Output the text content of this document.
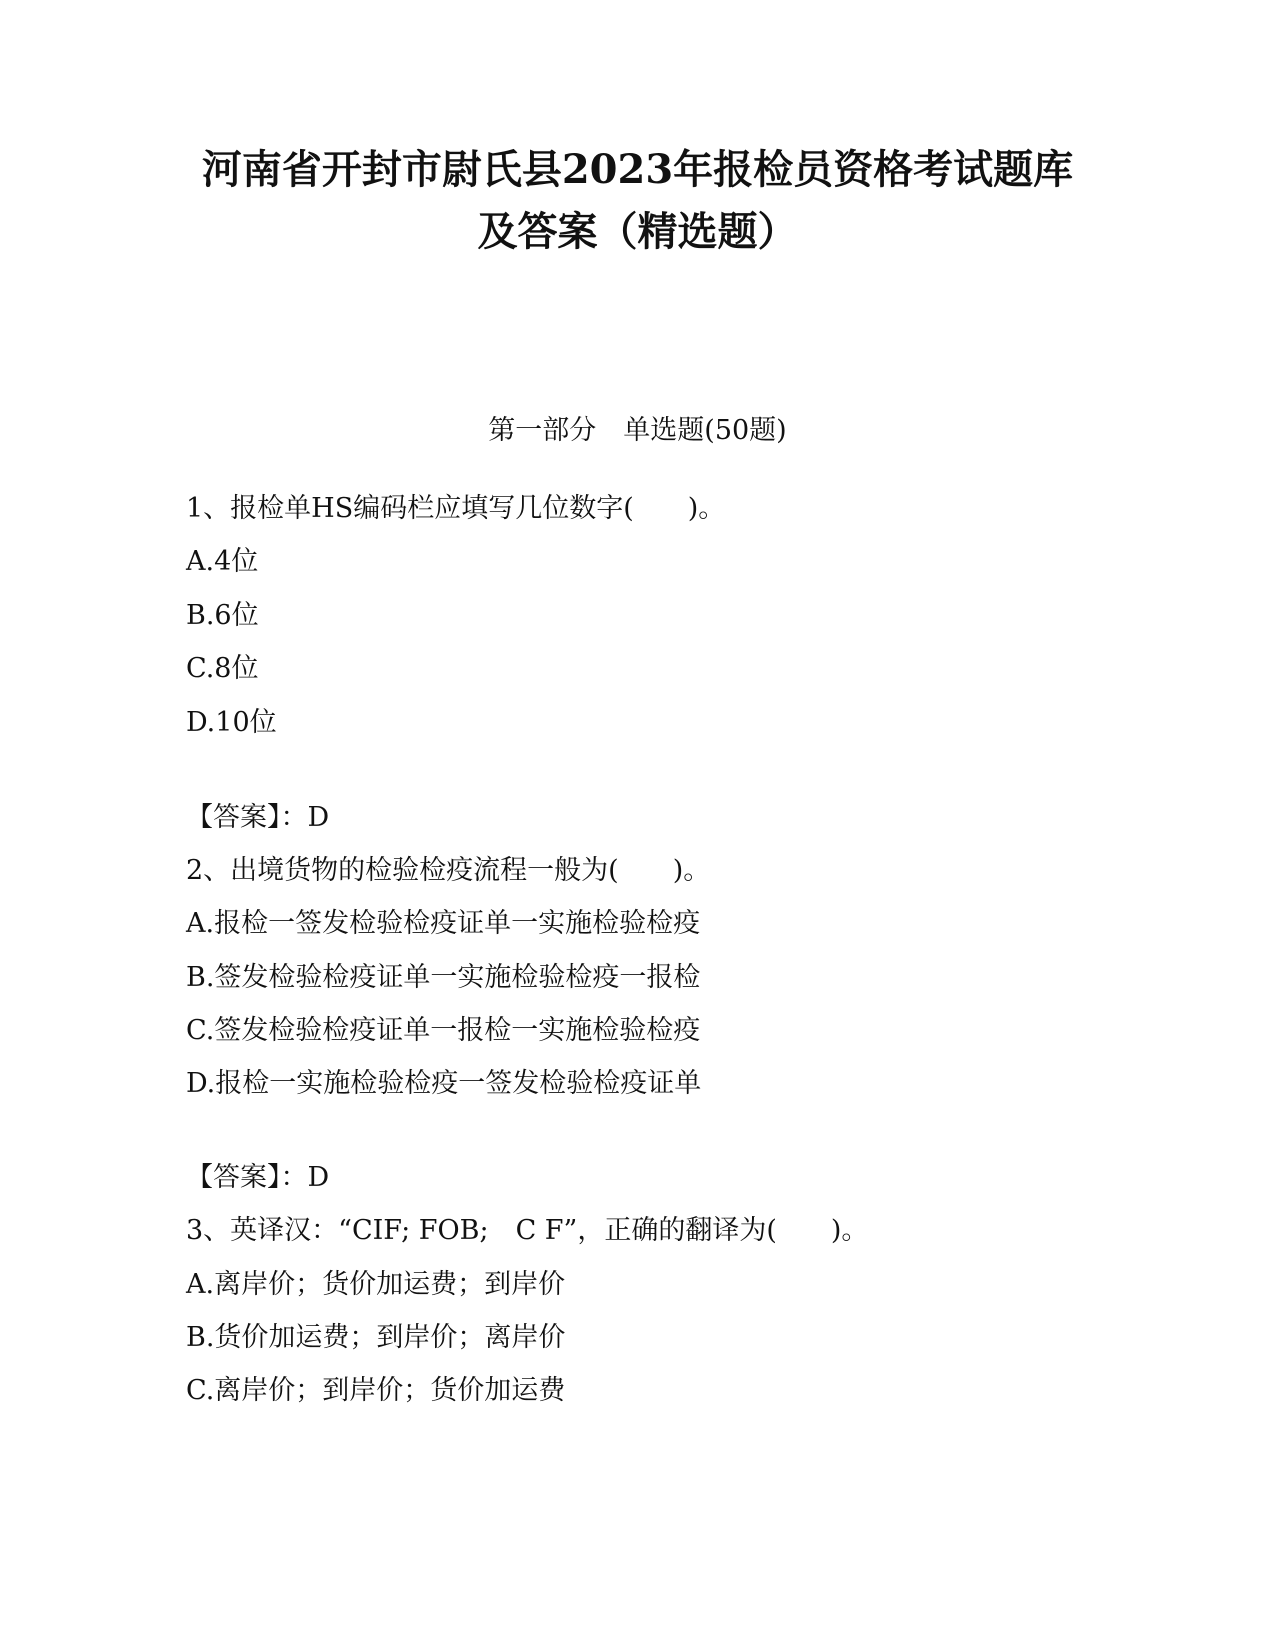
河南省开封市尉氏县2023年报检员资格考试题库
及答案（精选题）
第一部分　单选题(50题)
1、报检单HS编码栏应填写几位数字(　　)。
A.4位
B.6位
C.8位
D.10位
【答案】：D
2、出境货物的检验检疫流程一般为(　　)。
A.报检一签发检验检疫证单一实施检验检疫
B.签发检验检疫证单一实施检验检疫一报检
C.签发检验检疫证单一报检一实施检验检疫
D.报检一实施检验检疫一签发检验检疫证单
【答案】：D
3、英译汉：“CIF; FOB;　C F”，正确的翻译为(　　)。
A.离岸价；货价加运费；到岸价
B.货价加运费；到岸价；离岸价
C.离岸价；到岸价；货价加运费
